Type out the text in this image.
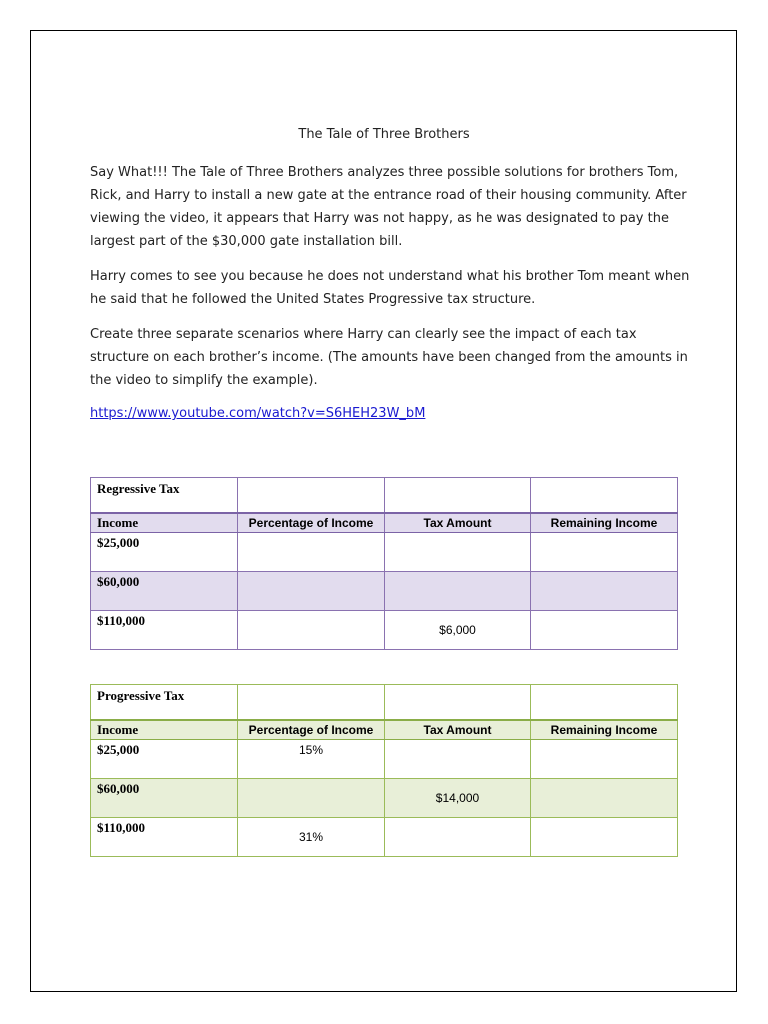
The Tale of Three Brothers

Say What!!! The Tale of Three Brothers analyzes three possible solutions for brothers Tom, Rick, and Harry to install a new gate at the entrance road of their housing community. After viewing the video, it appears that Harry was not happy, as he was designated to pay the largest part of the $30,000 gate installation bill.

Harry comes to see you because he does not understand what his brother Tom meant when he said that he followed the United States Progressive tax structure.

Create three separate scenarios where Harry can clearly see the impact of each tax structure on each brother’s income. (The amounts have been changed from the amounts in the video to simplify the example).

https://www.youtube.com/watch?v=S6HEH23W_bM
Regressive Tax			
Income	Percentage of Income	Tax Amount	Remaining Income
$25,000			
$60,000			
$110,000		$6,000	
Progressive Tax			
Income	Percentage of Income	Tax Amount	Remaining Income
$25,000	15%		
$60,000		$14,000	
$110,000	31%		
